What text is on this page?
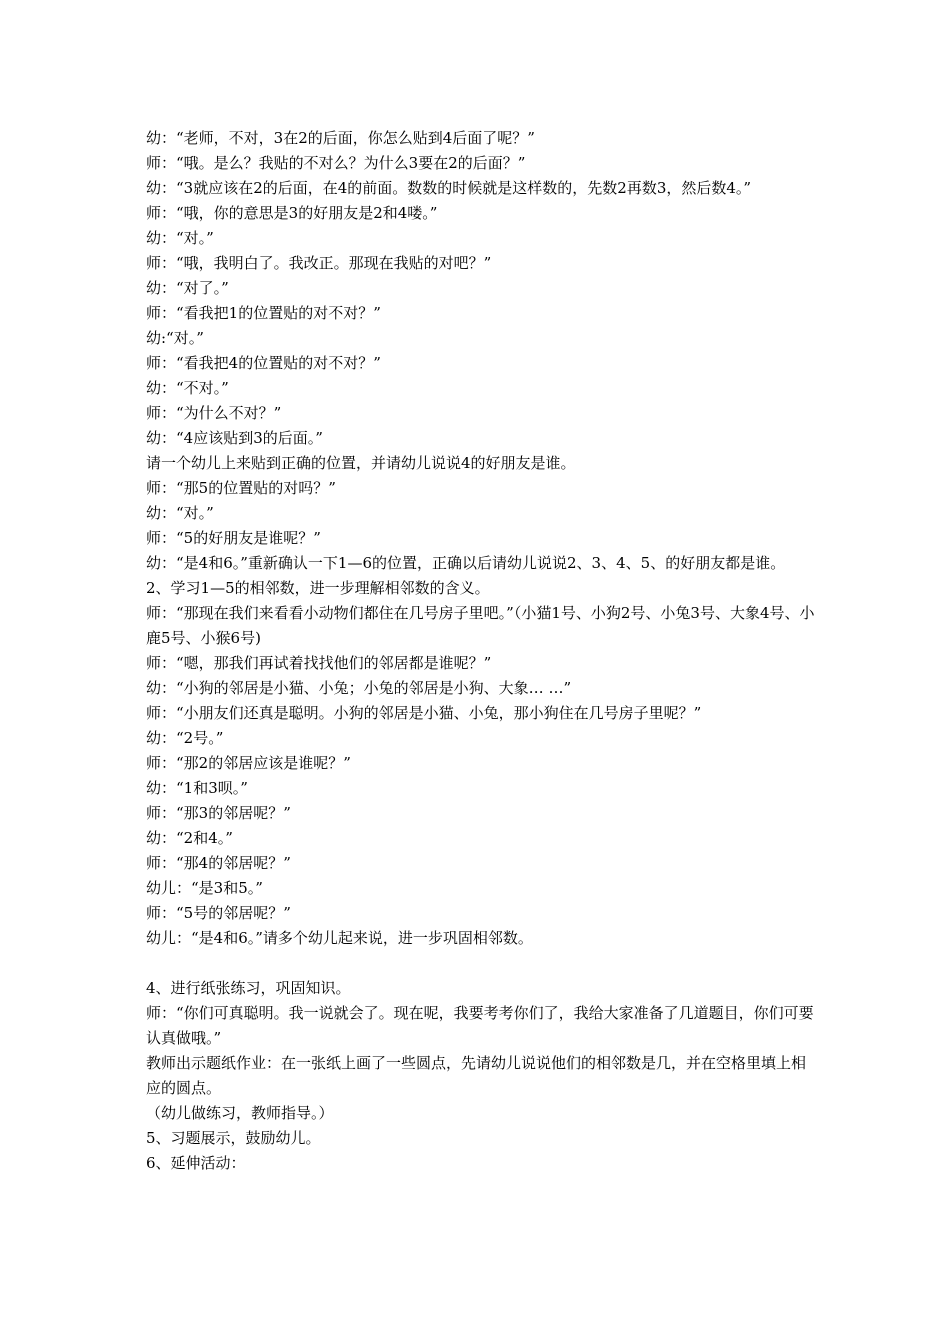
幼：“老师，不对，3在2的后面，你怎么贴到4后面了呢？”

师：“哦。是么？我贴的不对么？为什么3要在2的后面？”

幼：“3就应该在2的后面，在4的前面。数数的时候就是这样数的，先数2再数3，然后数4。”

师：“哦，你的意思是3的好朋友是2和4喽。”

幼：“对。”

师：“哦，我明白了。我改正。那现在我贴的对吧？”

幼：“对了。”

师：“看我把1的位置贴的对不对？”

幼:“对。”

师：“看我把4的位置贴的对不对？”

幼：“不对。”

师：“为什么不对？”

幼：“4应该贴到3的后面。”

请一个幼儿上来贴到正确的位置，并请幼儿说说4的好朋友是谁。

师：“那5的位置贴的对吗？”

幼：“对。”

师：“5的好朋友是谁呢？”

幼：“是4和6。”重新确认一下1—6的位置，正确以后请幼儿说说2、3、4、5、的好朋友都是谁。

2、学习1—5的相邻数，进一步理解相邻数的含义。

师：“那现在我们来看看小动物们都住在几号房子里吧。”（小猫1号、小狗2号、小兔3号、大象4号、小鹿5号、小猴6号)

师：“嗯，那我们再试着找找他们的邻居都是谁呢？”

幼：“小狗的邻居是小猫、小兔；小兔的邻居是小狗、大象… …”

师：“小朋友们还真是聪明。小狗的邻居是小猫、小兔，那小狗住在几号房子里呢？”

幼：“2号。”

师：“那2的邻居应该是谁呢？”

幼：“1和3呗。”

师：“那3的邻居呢？”

幼：“2和4。”

师：“那4的邻居呢？”

幼儿：“是3和5。”

师：“5号的邻居呢？”

幼儿：“是4和6。”请多个幼儿起来说，进一步巩固相邻数。

4、进行纸张练习，巩固知识。

师：“你们可真聪明。我一说就会了。现在呢，我要考考你们了，我给大家准备了几道题目，你们可要认真做哦。”

教师出示题纸作业：在一张纸上画了一些圆点，先请幼儿说说他们的相邻数是几，并在空格里填上相应的圆点。

（幼儿做练习，教师指导。）

5、习题展示，鼓励幼儿。

6、延伸活动：
